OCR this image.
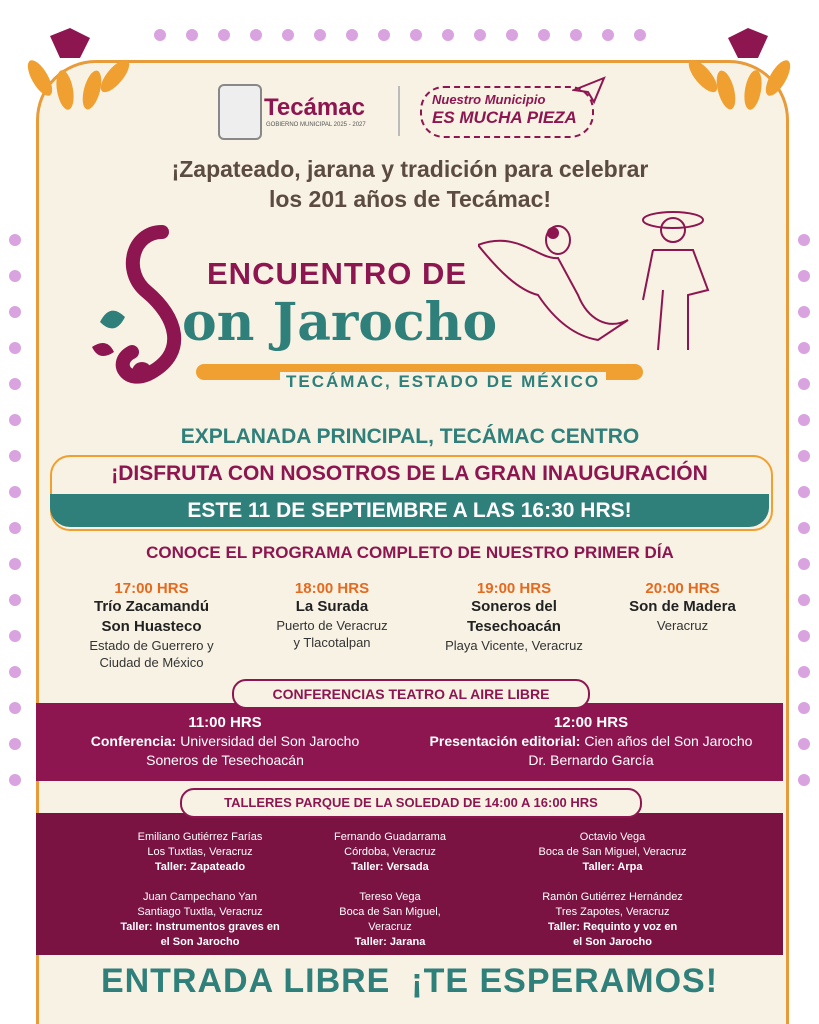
Tecámac
GOBIERNO MUNICIPAL 2025 - 2027
Nuestro Municipio
ES MUCHA PIEZA
¡Zapateado, jarana y tradición para celebrar
los 201 años de Tecámac!
ENCUENTRO DE
on Jarocho
TECÁMAC, ESTADO DE MÉXICO
EXPLANADA PRINCIPAL, TECÁMAC CENTRO
¡DISFRUTA CON NOSOTROS DE LA GRAN INAUGURACIÓN
ESTE 11 DE SEPTIEMBRE A LAS 16:30 HRS!
CONOCE EL PROGRAMA COMPLETO DE NUESTRO PRIMER DÍA
17:00 HRS
Trío Zacamandú
Son Huasteco
Estado de Guerrero y
Ciudad de México
18:00 HRS
La Surada
Puerto de Veracruz
y Tlacotalpan
19:00 HRS
Soneros del
Tesechoacán
Playa Vicente, Veracruz
20:00 HRS
Son de Madera
Veracruz
CONFERENCIAS TEATRO AL AIRE LIBRE
11:00 HRS
Conferencia: Universidad del Son Jarocho
Soneros de Tesechoacán
12:00 HRS
Presentación editorial: Cien años del Son Jarocho
Dr. Bernardo García
TALLERES PARQUE DE LA SOLEDAD DE 14:00 A 16:00 HRS
Emiliano Gutiérrez Farías
Los Tuxtlas, Veracruz
Taller: Zapateado
Fernando Guadarrama
Córdoba, Veracruz
Taller: Versada
Octavio Vega
Boca de San Miguel, Veracruz
Taller: Arpa
Juan Campechano Yan
Santiago Tuxtla, Veracruz
Taller: Instrumentos graves en
el Son Jarocho
Tereso Vega
Boca de San Miguel,
Veracruz
Taller: Jarana
Ramón Gutiérrez Hernández
Tres Zapotes, Veracruz
Taller: Requinto y voz en
el Son Jarocho
ENTRADA LIBRE  ¡TE ESPERAMOS!
